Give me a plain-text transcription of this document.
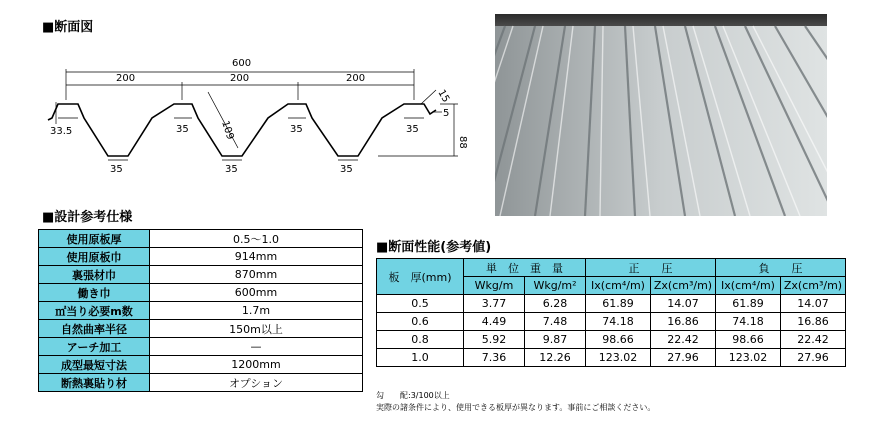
■断面図
600
200	200	200
109
88
15
5
33.5	35	35	35
35	35	35
■設計参考仕様
使用原板厚	0.5〜1.0
使用原板巾	914mm
裏張材巾	870mm
働き巾	600mm
㎡当り必要m数	1.7m
自然曲率半径	150m以上
アーチ加工	—
成型最短寸法	1200mm
断熱裏貼り材	オプション
■断面性能(参考値)
板　厚(mm)	単　位　重　量		正　　圧		負　　圧	
	Wkg/m	Wkg/m²	Ix(cm⁴/m)	Zx(cm³/m)	Ix(cm⁴/m)	Zx(cm³/m)
0.5	3.77	6.28	61.89	14.07	61.89	14.07
0.6	4.49	7.48	74.18	16.86	74.18	16.86
0.8	5.92	9.87	98.66	22.42	98.66	22.42
1.0	7.36	12.26	123.02	27.96	123.02	27.96
勾　　配:3/100以上
実際の諸条件により、使用できる板厚が異なります。事前にご相談ください。
